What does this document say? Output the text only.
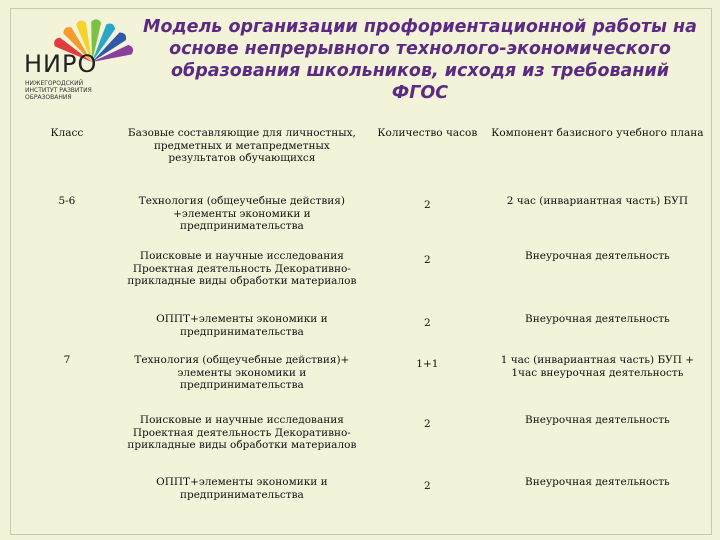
НИРО
НИЖЕГОРОДСКИЙ ИНСТИТУТ РАЗВИТИЯ ОБРАЗОВАНИЯ
Модель организации профориентационной работы на основе непрерывного технолого-экономического образования школьников, исходя из требований ФГОС
Класс	Базовые составляющие для личностных, предметных и метапредметных результатов обучающихся	Количество часов	Компонент базисного учебного плана
5-6	Технология (общеучебные действия) +элементы экономики и предпринимательства	2	2 час (инвариантная часть) БУП
	Поисковые и научные исследования Проектная деятельность Декоративно-прикладные виды обработки материалов	2	Внеурочная деятельность
	ОППТ+элементы экономики и предпринимательства	2	Внеурочная деятельность
7	Технология (общеучебные действия)+ элементы экономики и предпринимательства	1+1	1 час (инвариантная часть) БУП + 1час внеурочная деятельность
	Поисковые и научные исследования Проектная деятельность Декоративно-прикладные виды обработки материалов	2	Внеурочная деятельность
	ОППТ+элементы экономики и предпринимательства	2	Внеурочная деятельность
